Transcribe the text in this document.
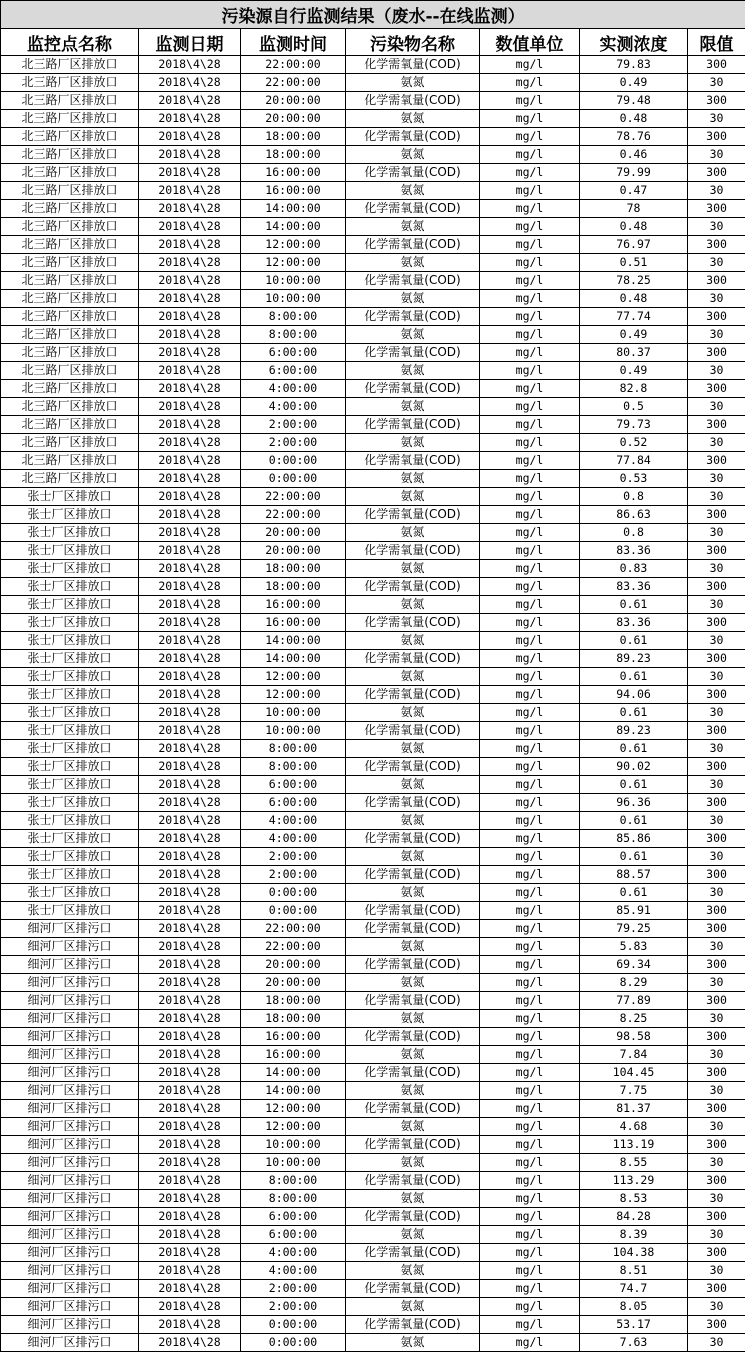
污染源自行监测结果（废水--在线监测）						
监控点名称	监测日期	监测时间	污染物名称	数值单位	实测浓度	限值
北三路厂区排放口	2018\4\28	22:00:00	化学需氧量(COD)	mg/l	79.83	300
北三路厂区排放口	2018\4\28	22:00:00	氨氮	mg/l	0.49	30
北三路厂区排放口	2018\4\28	20:00:00	化学需氧量(COD)	mg/l	79.48	300
北三路厂区排放口	2018\4\28	20:00:00	氨氮	mg/l	0.48	30
北三路厂区排放口	2018\4\28	18:00:00	化学需氧量(COD)	mg/l	78.76	300
北三路厂区排放口	2018\4\28	18:00:00	氨氮	mg/l	0.46	30
北三路厂区排放口	2018\4\28	16:00:00	化学需氧量(COD)	mg/l	79.99	300
北三路厂区排放口	2018\4\28	16:00:00	氨氮	mg/l	0.47	30
北三路厂区排放口	2018\4\28	14:00:00	化学需氧量(COD)	mg/l	78	300
北三路厂区排放口	2018\4\28	14:00:00	氨氮	mg/l	0.48	30
北三路厂区排放口	2018\4\28	12:00:00	化学需氧量(COD)	mg/l	76.97	300
北三路厂区排放口	2018\4\28	12:00:00	氨氮	mg/l	0.51	30
北三路厂区排放口	2018\4\28	10:00:00	化学需氧量(COD)	mg/l	78.25	300
北三路厂区排放口	2018\4\28	10:00:00	氨氮	mg/l	0.48	30
北三路厂区排放口	2018\4\28	8:00:00	化学需氧量(COD)	mg/l	77.74	300
北三路厂区排放口	2018\4\28	8:00:00	氨氮	mg/l	0.49	30
北三路厂区排放口	2018\4\28	6:00:00	化学需氧量(COD)	mg/l	80.37	300
北三路厂区排放口	2018\4\28	6:00:00	氨氮	mg/l	0.49	30
北三路厂区排放口	2018\4\28	4:00:00	化学需氧量(COD)	mg/l	82.8	300
北三路厂区排放口	2018\4\28	4:00:00	氨氮	mg/l	0.5	30
北三路厂区排放口	2018\4\28	2:00:00	化学需氧量(COD)	mg/l	79.73	300
北三路厂区排放口	2018\4\28	2:00:00	氨氮	mg/l	0.52	30
北三路厂区排放口	2018\4\28	0:00:00	化学需氧量(COD)	mg/l	77.84	300
北三路厂区排放口	2018\4\28	0:00:00	氨氮	mg/l	0.53	30
张士厂区排放口	2018\4\28	22:00:00	氨氮	mg/l	0.8	30
张士厂区排放口	2018\4\28	22:00:00	化学需氧量(COD)	mg/l	86.63	300
张士厂区排放口	2018\4\28	20:00:00	氨氮	mg/l	0.8	30
张士厂区排放口	2018\4\28	20:00:00	化学需氧量(COD)	mg/l	83.36	300
张士厂区排放口	2018\4\28	18:00:00	氨氮	mg/l	0.83	30
张士厂区排放口	2018\4\28	18:00:00	化学需氧量(COD)	mg/l	83.36	300
张士厂区排放口	2018\4\28	16:00:00	氨氮	mg/l	0.61	30
张士厂区排放口	2018\4\28	16:00:00	化学需氧量(COD)	mg/l	83.36	300
张士厂区排放口	2018\4\28	14:00:00	氨氮	mg/l	0.61	30
张士厂区排放口	2018\4\28	14:00:00	化学需氧量(COD)	mg/l	89.23	300
张士厂区排放口	2018\4\28	12:00:00	氨氮	mg/l	0.61	30
张士厂区排放口	2018\4\28	12:00:00	化学需氧量(COD)	mg/l	94.06	300
张士厂区排放口	2018\4\28	10:00:00	氨氮	mg/l	0.61	30
张士厂区排放口	2018\4\28	10:00:00	化学需氧量(COD)	mg/l	89.23	300
张士厂区排放口	2018\4\28	8:00:00	氨氮	mg/l	0.61	30
张士厂区排放口	2018\4\28	8:00:00	化学需氧量(COD)	mg/l	90.02	300
张士厂区排放口	2018\4\28	6:00:00	氨氮	mg/l	0.61	30
张士厂区排放口	2018\4\28	6:00:00	化学需氧量(COD)	mg/l	96.36	300
张士厂区排放口	2018\4\28	4:00:00	氨氮	mg/l	0.61	30
张士厂区排放口	2018\4\28	4:00:00	化学需氧量(COD)	mg/l	85.86	300
张士厂区排放口	2018\4\28	2:00:00	氨氮	mg/l	0.61	30
张士厂区排放口	2018\4\28	2:00:00	化学需氧量(COD)	mg/l	88.57	300
张士厂区排放口	2018\4\28	0:00:00	氨氮	mg/l	0.61	30
张士厂区排放口	2018\4\28	0:00:00	化学需氧量(COD)	mg/l	85.91	300
细河厂区排污口	2018\4\28	22:00:00	化学需氧量(COD)	mg/l	79.25	300
细河厂区排污口	2018\4\28	22:00:00	氨氮	mg/l	5.83	30
细河厂区排污口	2018\4\28	20:00:00	化学需氧量(COD)	mg/l	69.34	300
细河厂区排污口	2018\4\28	20:00:00	氨氮	mg/l	8.29	30
细河厂区排污口	2018\4\28	18:00:00	化学需氧量(COD)	mg/l	77.89	300
细河厂区排污口	2018\4\28	18:00:00	氨氮	mg/l	8.25	30
细河厂区排污口	2018\4\28	16:00:00	化学需氧量(COD)	mg/l	98.58	300
细河厂区排污口	2018\4\28	16:00:00	氨氮	mg/l	7.84	30
细河厂区排污口	2018\4\28	14:00:00	化学需氧量(COD)	mg/l	104.45	300
细河厂区排污口	2018\4\28	14:00:00	氨氮	mg/l	7.75	30
细河厂区排污口	2018\4\28	12:00:00	化学需氧量(COD)	mg/l	81.37	300
细河厂区排污口	2018\4\28	12:00:00	氨氮	mg/l	4.68	30
细河厂区排污口	2018\4\28	10:00:00	化学需氧量(COD)	mg/l	113.19	300
细河厂区排污口	2018\4\28	10:00:00	氨氮	mg/l	8.55	30
细河厂区排污口	2018\4\28	8:00:00	化学需氧量(COD)	mg/l	113.29	300
细河厂区排污口	2018\4\28	8:00:00	氨氮	mg/l	8.53	30
细河厂区排污口	2018\4\28	6:00:00	化学需氧量(COD)	mg/l	84.28	300
细河厂区排污口	2018\4\28	6:00:00	氨氮	mg/l	8.39	30
细河厂区排污口	2018\4\28	4:00:00	化学需氧量(COD)	mg/l	104.38	300
细河厂区排污口	2018\4\28	4:00:00	氨氮	mg/l	8.51	30
细河厂区排污口	2018\4\28	2:00:00	化学需氧量(COD)	mg/l	74.7	300
细河厂区排污口	2018\4\28	2:00:00	氨氮	mg/l	8.05	30
细河厂区排污口	2018\4\28	0:00:00	化学需氧量(COD)	mg/l	53.17	300
细河厂区排污口	2018\4\28	0:00:00	氨氮	mg/l	7.63	30
